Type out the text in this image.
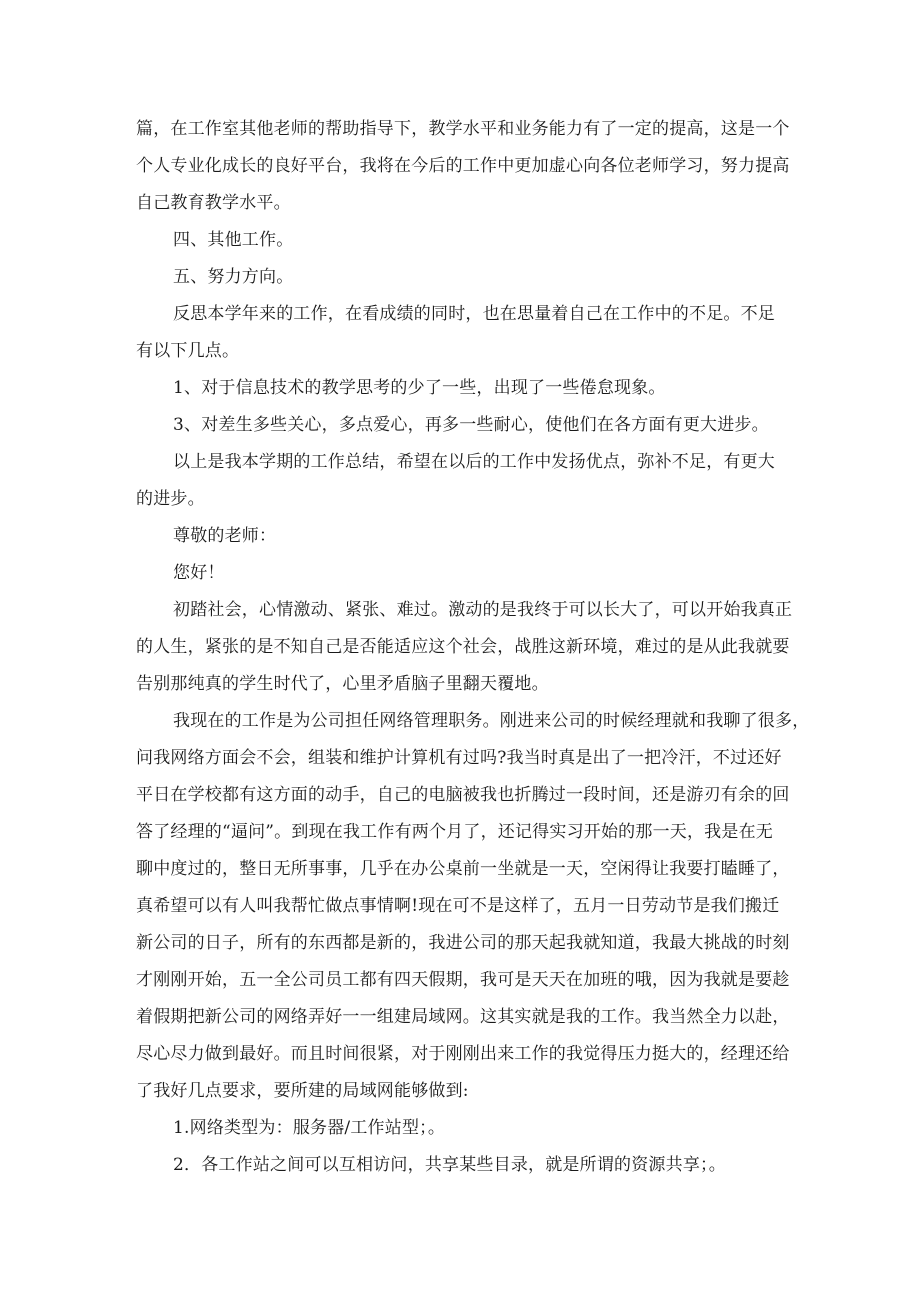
篇，在工作室其他老师的帮助指导下，教学水平和业务能力有了一定的提高，这是一个
个人专业化成长的良好平台，我将在今后的工作中更加虚心向各位老师学习，努力提高
自己教育教学水平。
四、其他工作。
五、努力方向。
反思本学年来的工作，在看成绩的同时，也在思量着自己在工作中的不足。不足
有以下几点。
1、对于信息技术的教学思考的少了一些，出现了一些倦怠现象。
3、对差生多些关心，多点爱心，再多一些耐心，使他们在各方面有更大进步。
以上是我本学期的工作总结，希望在以后的工作中发扬优点，弥补不足，有更大
的进步。
尊敬的老师：
您好！
初踏社会，心情激动、紧张、难过。激动的是我终于可以长大了，可以开始我真正
的人生，紧张的是不知自己是否能适应这个社会，战胜这新环境，难过的是从此我就要
告别那纯真的学生时代了，心里矛盾脑子里翻天覆地。
我现在的工作是为公司担任网络管理职务。刚进来公司的时候经理就和我聊了很多，
问我网络方面会不会，组装和维护计算机有过吗?我当时真是出了一把冷汗，不过还好
平日在学校都有这方面的动手，自己的电脑被我也折腾过一段时间，还是游刃有余的回
答了经理的“逼问”。到现在我工作有两个月了，还记得实习开始的那一天，我是在无
聊中度过的，整日无所事事，几乎在办公桌前一坐就是一天，空闲得让我要打瞌睡了，
真希望可以有人叫我帮忙做点事情啊!现在可不是这样了，五月一日劳动节是我们搬迁
新公司的日子，所有的东西都是新的，我进公司的那天起我就知道，我最大挑战的时刻
才刚刚开始，五一全公司员工都有四天假期，我可是天天在加班的哦，因为我就是要趁
着假期把新公司的网络弄好一一组建局域网。这其实就是我的工作。我当然全力以赴，
尽心尽力做到最好。而且时间很紧，对于刚刚出来工作的我觉得压力挺大的，经理还给
了我好几点要求，要所建的局域网能够做到:
1.网络类型为：服务器/工作站型；。
2．各工作站之间可以互相访问，共享某些目录，就是所谓的资源共享；。
